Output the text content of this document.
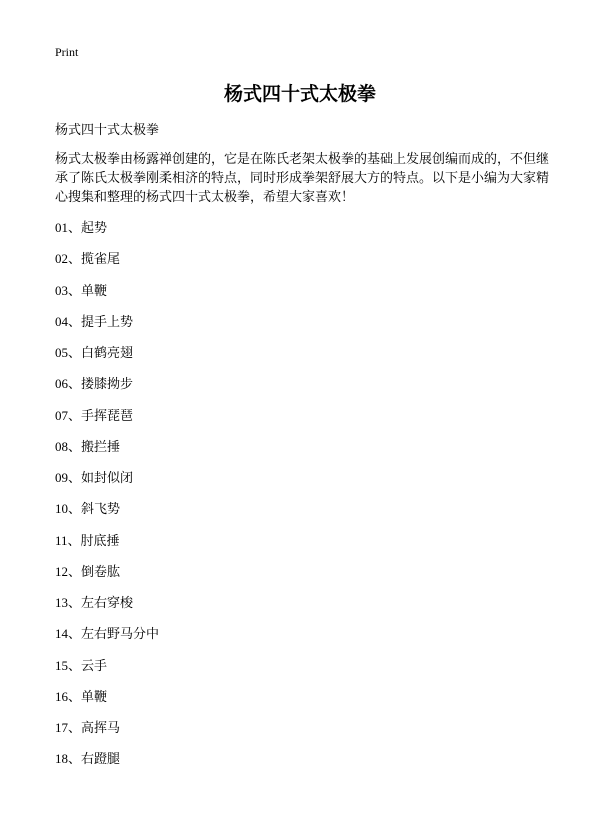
Print
杨式四十式太极拳

杨式四十式太极拳

杨式太极拳由杨露禅创建的，它是在陈氏老架太极拳的基础上发展创编而成的，不但继承了陈氏太极拳刚柔相济的特点，同时形成拳架舒展大方的特点。以下是小编为大家精心搜集和整理的杨式四十式太极拳，希望大家喜欢！

01、起势
02、揽雀尾
03、单鞭
04、提手上势
05、白鹤亮翅
06、搂膝拗步
07、手挥琵琶
08、搬拦捶
09、如封似闭
10、斜飞势
11、肘底捶
12、倒卷肱
13、左右穿梭
14、左右野马分中
15、云手
16、单鞭
17、高挥马
18、右蹬腿
